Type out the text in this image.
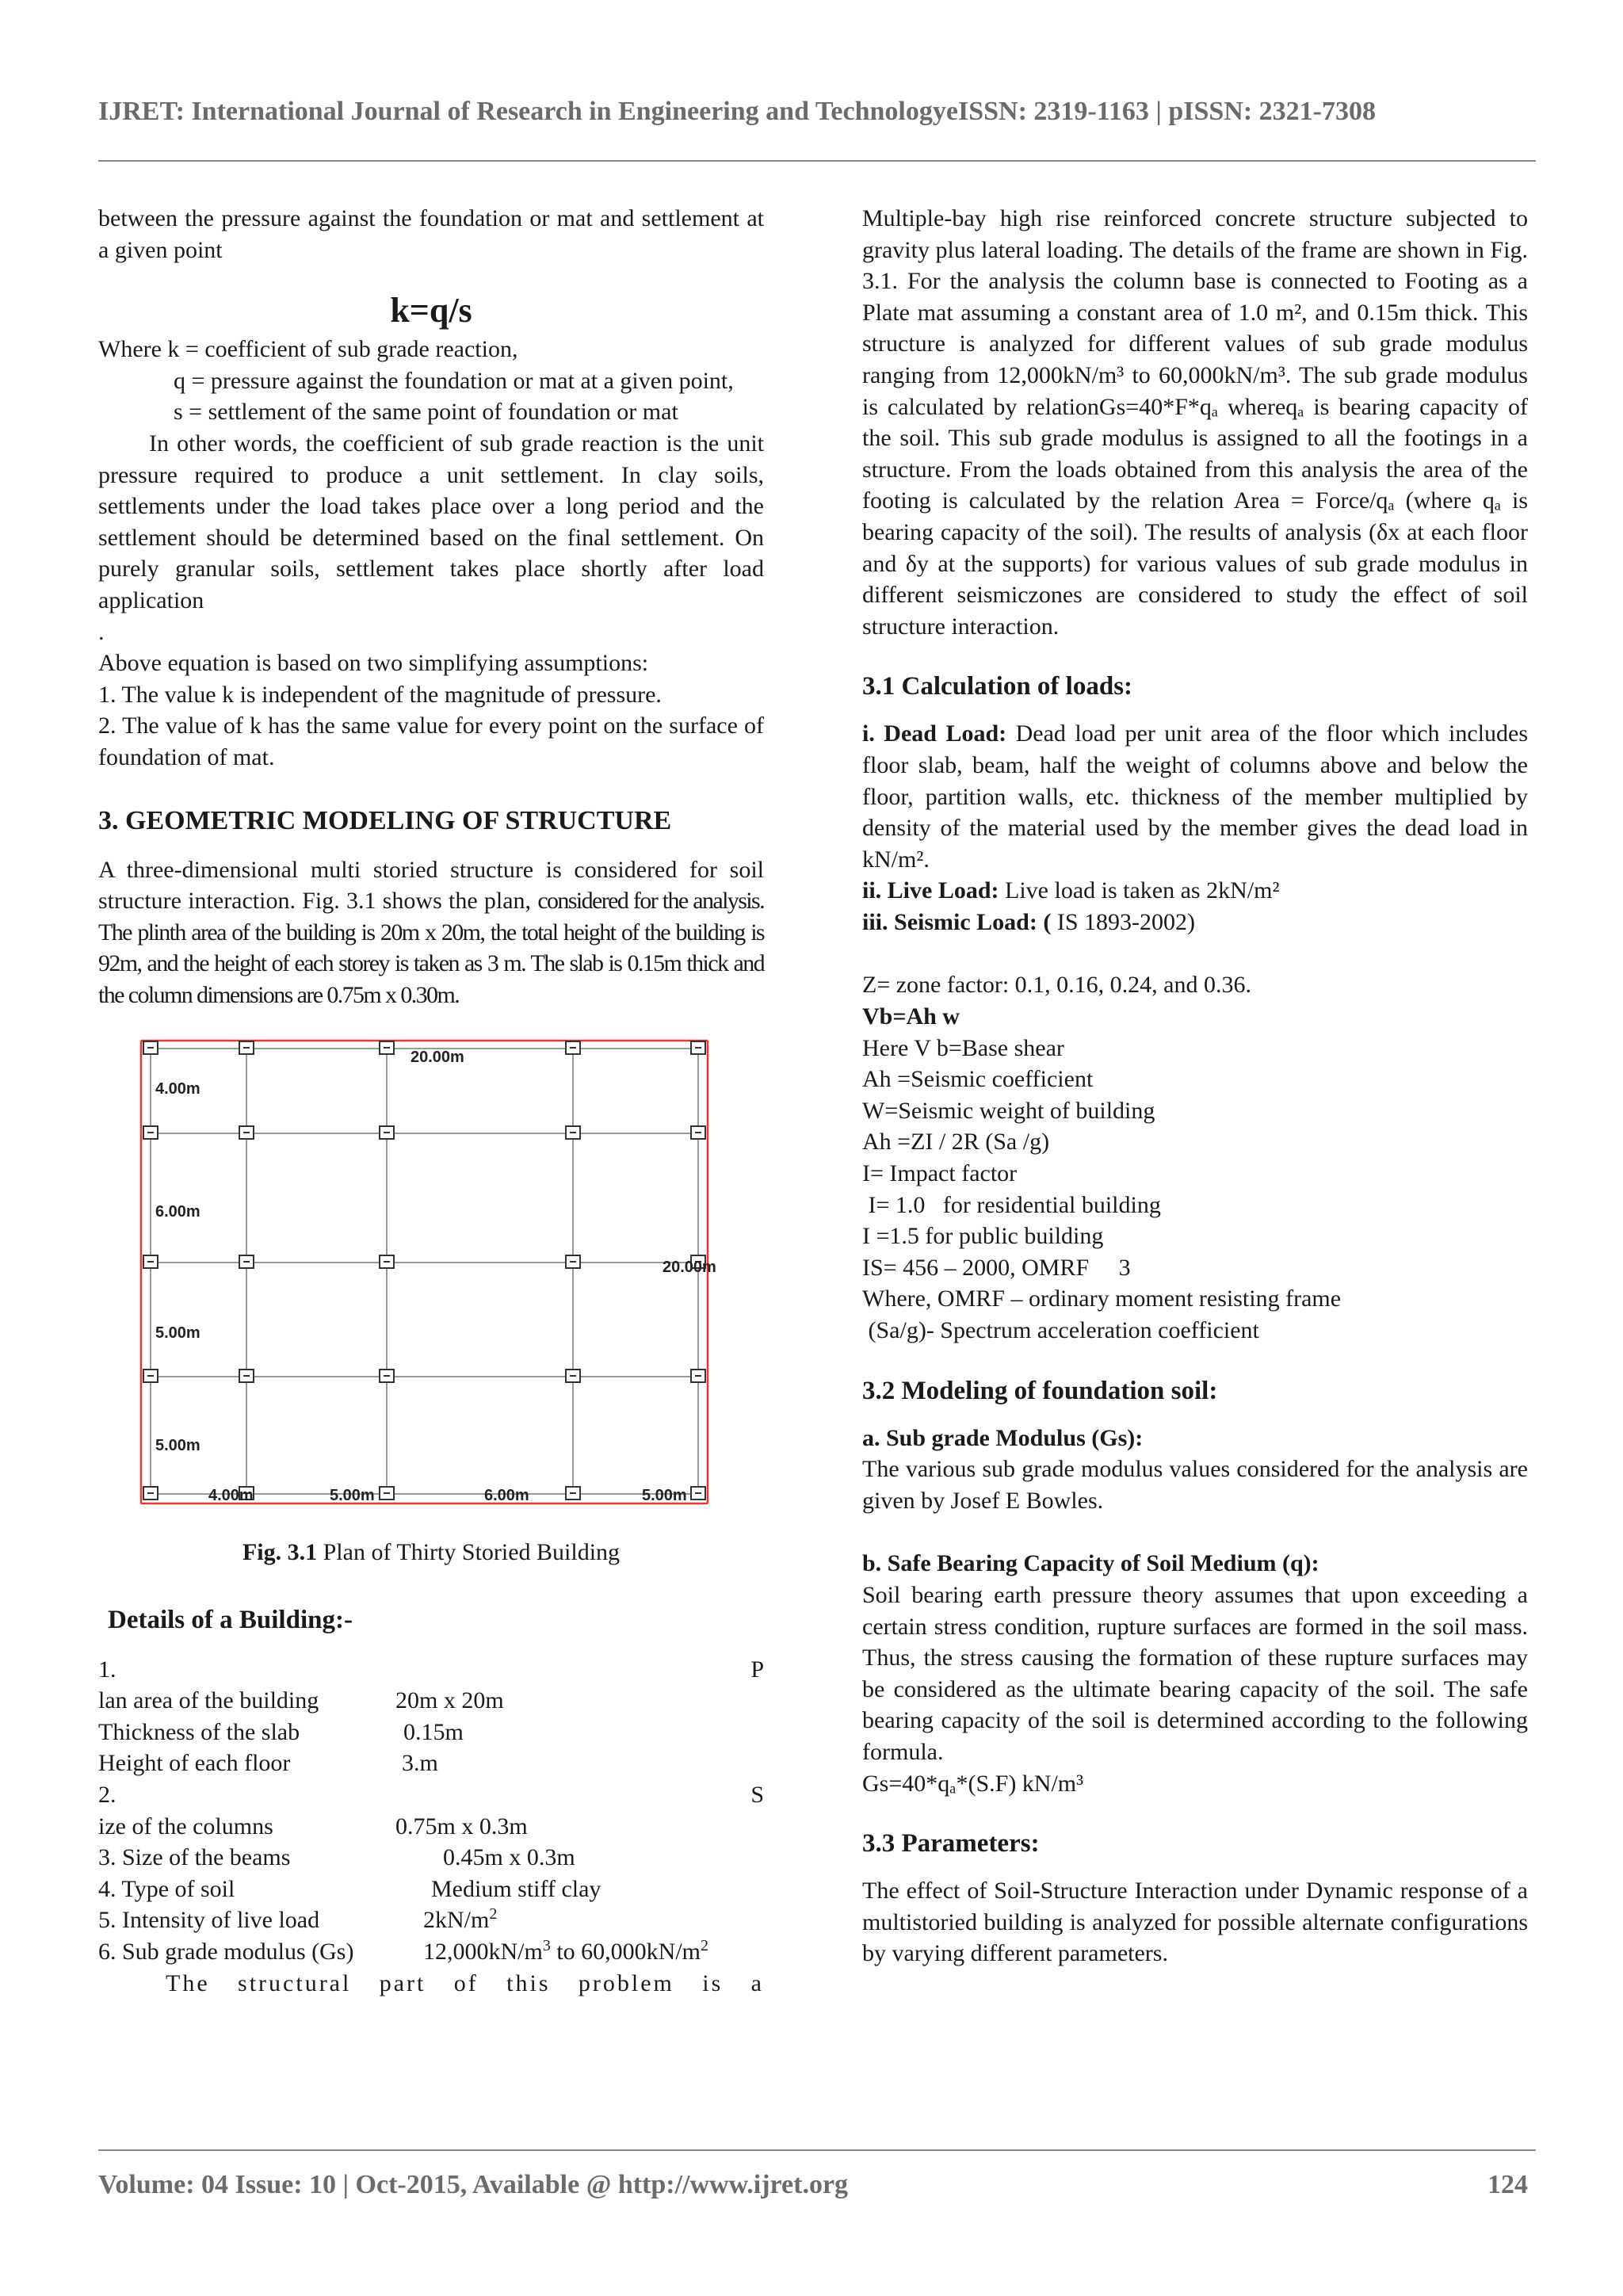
IJRET: International Journal of Research in Engineering and TechnologyeISSN: 2319-1163 | pISSN: 2321-7308

between the pressure against the foundation or mat and settlement at a given point

k=q/s

Where k = coefficient of sub grade reaction,

q = pressure against the foundation or mat at a given point,

s = settlement of the same point of foundation or mat

In other words, the coefficient of sub grade reaction is the unit pressure required to produce a unit settlement. In clay soils, settlements under the load takes place over a long period and the settlement should be determined based on the final settlement. On purely granular soils, settlement takes place shortly after load application

.

Above equation is based on two simplifying assumptions:

1. The value k is independent of the magnitude of pressure.

2. The value of k has the same value for every point on the surface of foundation of mat.

3. GEOMETRIC MODELING OF STRUCTURE

A three-dimensional multi storied structure is considered for soil structure interaction. Fig. 3.1 shows the plan, considered for the analysis. The plinth area of the building is 20m x 20m, the total height of the building is 92m, and the height of each storey is taken as 3 m. The slab is 0.15m thick and the column dimensions are 0.75m x 0.30m.

20.00m
20.00m
4.00m
6.00m
5.00m
5.00m
4.00m	5.00m	6.00m	5.00m

Fig. 3.1 Plan of Thirty Storied Building

Details of a Building:-
1.	P
lan area of the building	20m x 20m
Thickness of the slab	0.15m
Height of each floor	3.m
2.	S
ize of the columns	0.75m x 0.3m
3. Size of the beams	0.45m x 0.3m
4. Type of soil	Medium stiff clay
5. Intensity of live load	$2kN/m^2$
6. Sub grade modulus (Gs)	$12,000kN/m^3$ to $60,000kN/m^2$

The structural part of this problem is a

Multiple-bay high rise reinforced concrete structure subjected to gravity plus lateral loading. The details of the frame are shown in Fig. 3.1. For the analysis the column base is connected to Footing as a Plate mat assuming a constant area of 1.0 m², and 0.15m thick. This structure is analyzed for different values of sub grade modulus ranging from 12,000kN/m³ to 60,000kN/m³. The sub grade modulus is calculated by relationGs=40*F*qₐ whereqₐ is bearing capacity of the soil. This sub grade modulus is assigned to all the footings in a structure. From the loads obtained from this analysis the area of the footing is calculated by the relation Area = Force/qₐ (where qₐ is bearing capacity of the soil). The results of analysis (δx at each floor and δy at the supports) for various values of sub grade modulus in different seismiczones are considered to study the effect of soil structure interaction.

3.1 Calculation of loads:

i. Dead Load: Dead load per unit area of the floor which includes floor slab, beam, half the weight of columns above and below the floor, partition walls, etc. thickness of the member multiplied by density of the material used by the member gives the dead load in kN/m².

ii. Live Load: Live load is taken as 2kN/m²

iii. Seismic Load: ( IS 1893-2002)

Z= zone factor: 0.1, 0.16, 0.24, and 0.36.

Vb=Ah w

Here V b=Base shear

Ah =Seismic coefficient

W=Seismic weight of building

Ah =ZI / 2R (Sa /g)

I= Impact factor

I= 1.0   for residential building

I =1.5 for public building

IS= 456 – 2000, OMRF     3

Where, OMRF – ordinary moment resisting frame

(Sa/g)- Spectrum acceleration coefficient

3.2 Modeling of foundation soil:

a. Sub grade Modulus (Gs):

The various sub grade modulus values considered for the analysis are given by Josef E Bowles.

b. Safe Bearing Capacity of Soil Medium (q):

Soil bearing earth pressure theory assumes that upon exceeding a certain stress condition, rupture surfaces are formed in the soil mass. Thus, the stress causing the formation of these rupture surfaces may be considered as the ultimate bearing capacity of the soil. The safe bearing capacity of the soil is determined according to the following formula.

Gs=40*qₐ*(S.F) kN/m³

3.3 Parameters:

The effect of Soil-Structure Interaction under Dynamic response of a multistoried building is analyzed for possible alternate configurations by varying different parameters.

Volume: 04 Issue: 10 | Oct-2015, Available @ http://www.ijret.org	124
